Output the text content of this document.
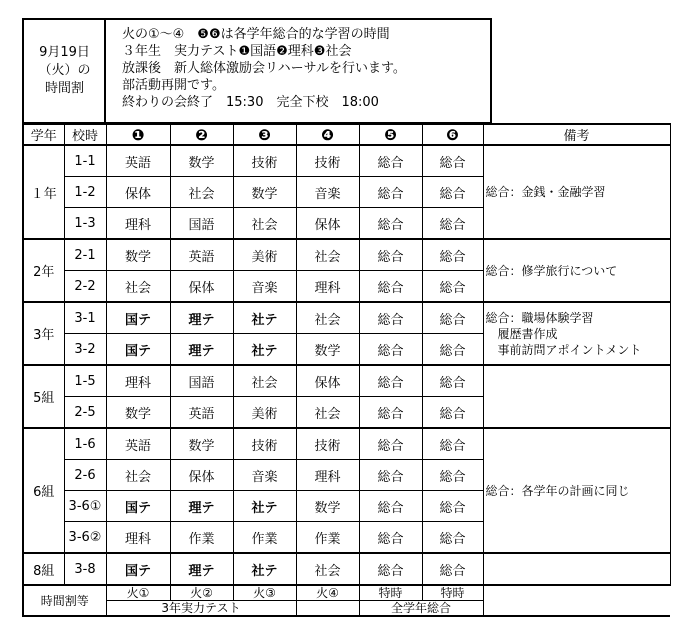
9月19日
（火）の
時間割
火の①～④　❺❻は各学年総合的な学習の時間
３年生　実力テスト❶国語❷理科❸社会
放課後　新人総体激励会リハーサルを行います。
部活動再開です。
終わりの会終了　15:30　完全下校　18:00
学年	校時	❶	❷	❸	❹	❺	❻	備考
１年	1-1	英語	数学	技術	技術	総合	総合	総合：金銭・金融学習

	1-2	保体	社会	数学	音楽	総合	総合	
	1-3	理科	国語	社会	保体	総合	総合	
2年	2-1	数学	英語	美術	社会	総合	総合	総合：修学旅行について

	2-2	社会	保体	音楽	理科	総合	総合	
3年	3-1	国テ	理テ	社テ	社会	総合	総合	総合：職場体験学習
　履歴書作成
　事前訪問アポイントメント

	3-2	国テ	理テ	社テ	数学	総合	総合	
5組	1-5	理科	国語	社会	保体	総合	総合	
	2-5	数学	英語	美術	社会	総合	総合	
6組	1-6	英語	数学	技術	技術	総合	総合	総合：各学年の計画に同じ

	2-6	社会	保体	音楽	理科	総合	総合	
	3-6①	国テ	理テ	社テ	数学	総合	総合	
	3-6②	理科	作業	作業	作業	総合	総合	
8組	3-8	国テ	理テ	社テ	社会	総合	総合	
時間割等		火①	火②	火③	火④	特時	特時	
		3年実力テスト				全学年総合		
